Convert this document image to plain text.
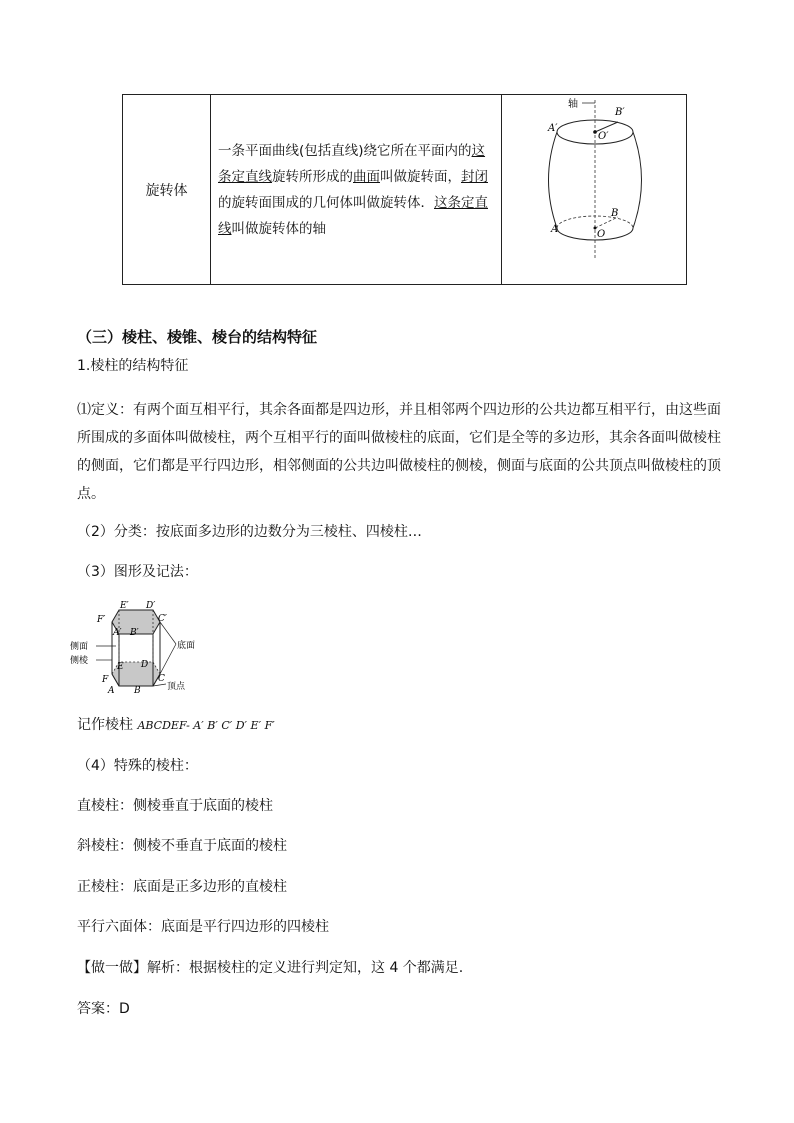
旋转体	一条平面曲线(包括直线)绕它所在平面内的这条定直线旋转所形成的曲面叫做旋转面，封闭的旋转面围成的几何体叫做旋转体．这条定直线叫做旋转体的轴	
轴
A′
B′
O′
A
B
O
（三）棱柱、棱锥、棱台的结构特征
1.棱柱的结构特征
⑴定义：有两个面互相平行，其余各面都是四边形，并且相邻两个四边形的公共边都互相平行，由这些面所围成的多面体叫做棱柱，两个互相平行的面叫做棱柱的底面，它们是全等的多边形，其余各面叫做棱柱的侧面，它们都是平行四边形，相邻侧面的公共边叫做棱柱的侧棱，侧面与底面的公共顶点叫做棱柱的顶点。
（2）分类：按底面多边形的边数分为三棱柱、四棱柱…
（3）图形及记法：
E′ D′
F′	C′
A′ B′
E D
F
A B
C
侧面
侧棱
底面
顶点
记作棱柱 ABCDEF- A′ B′ C′ D′ E′ F′
（4）特殊的棱柱：
直棱柱：侧棱垂直于底面的棱柱
斜棱柱：侧棱不垂直于底面的棱柱
正棱柱：底面是正多边形的直棱柱
平行六面体：底面是平行四边形的四棱柱
【做一做】解析：根据棱柱的定义进行判定知，这 4 个都满足.
答案：D
